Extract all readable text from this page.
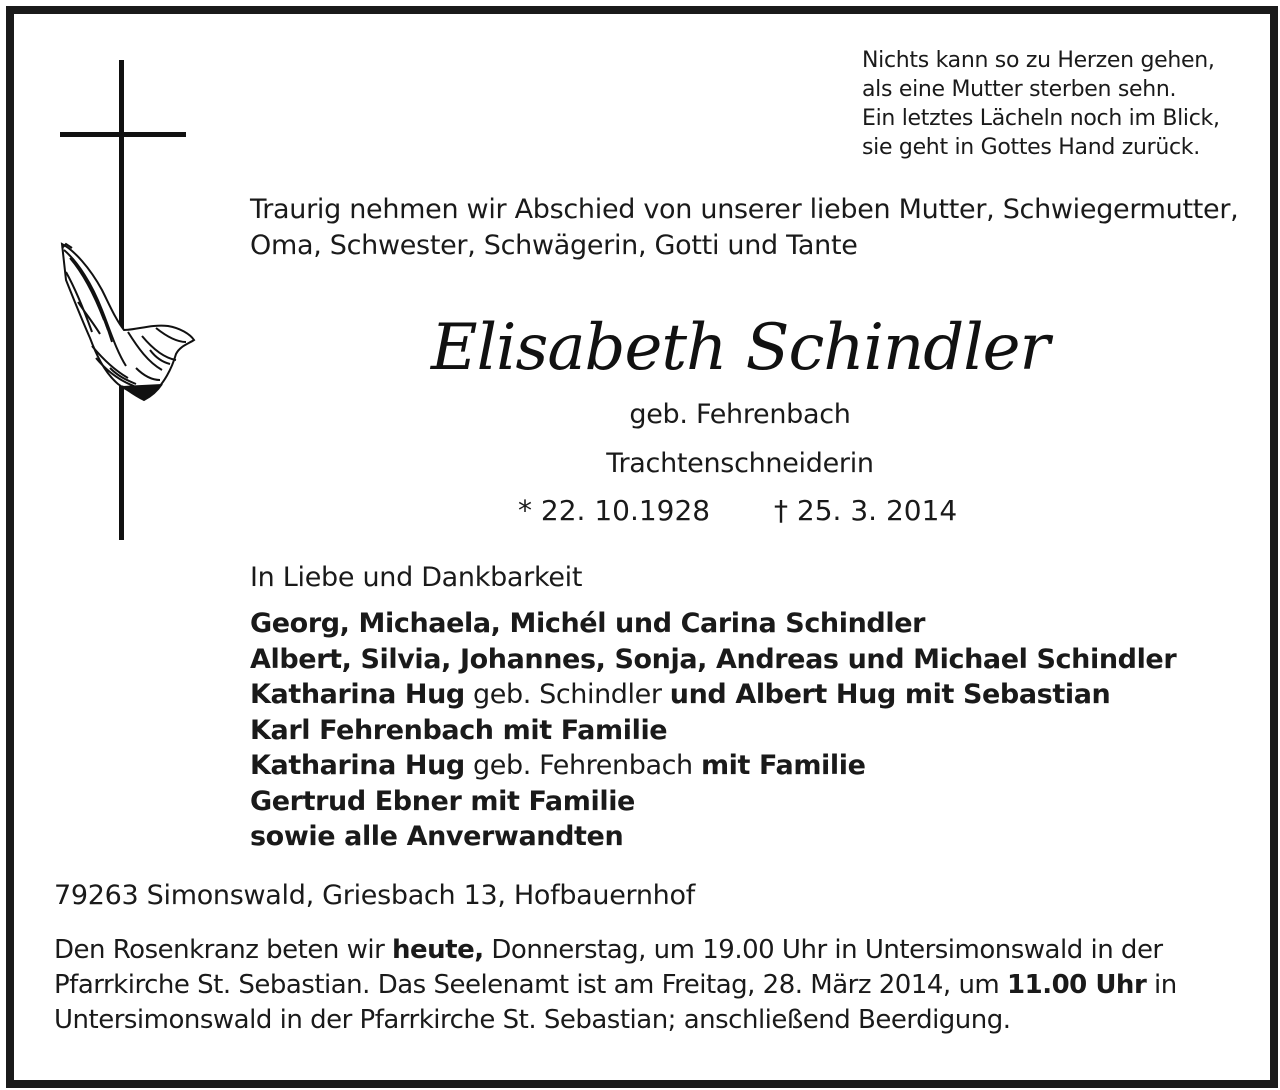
Nichts kann so zu Herzen gehen,
als eine Mutter sterben sehn.
Ein letztes Lächeln noch im Blick,
sie geht in Gottes Hand zurück.
Traurig nehmen wir Abschied von unserer lieben Mutter, Schwiegermutter,
Oma, Schwester, Schwägerin, Gotti und Tante
Elisabeth Schindler
geb. Fehrenbach
Trachtenschneiderin
* 22. 10.1928 † 25. 3. 2014
In Liebe und Dankbarkeit
Georg, Michaela, Michél und Carina Schindler
Albert, Silvia, Johannes, Sonja, Andreas und Michael Schindler
Katharina Hug geb. Schindler und Albert Hug mit Sebastian
Karl Fehrenbach mit Familie
Katharina Hug geb. Fehrenbach mit Familie
Gertrud Ebner mit Familie
sowie alle Anverwandten
79263 Simonswald, Griesbach 13, Hofbauernhof
Den Rosenkranz beten wir heute, Donnerstag, um 19.00 Uhr in Untersimonswald in der
Pfarrkirche St. Sebastian. Das Seelenamt ist am Freitag, 28. März 2014, um 11.00 Uhr in
Untersimonswald in der Pfarrkirche St. Sebastian; anschließend Beerdigung.
